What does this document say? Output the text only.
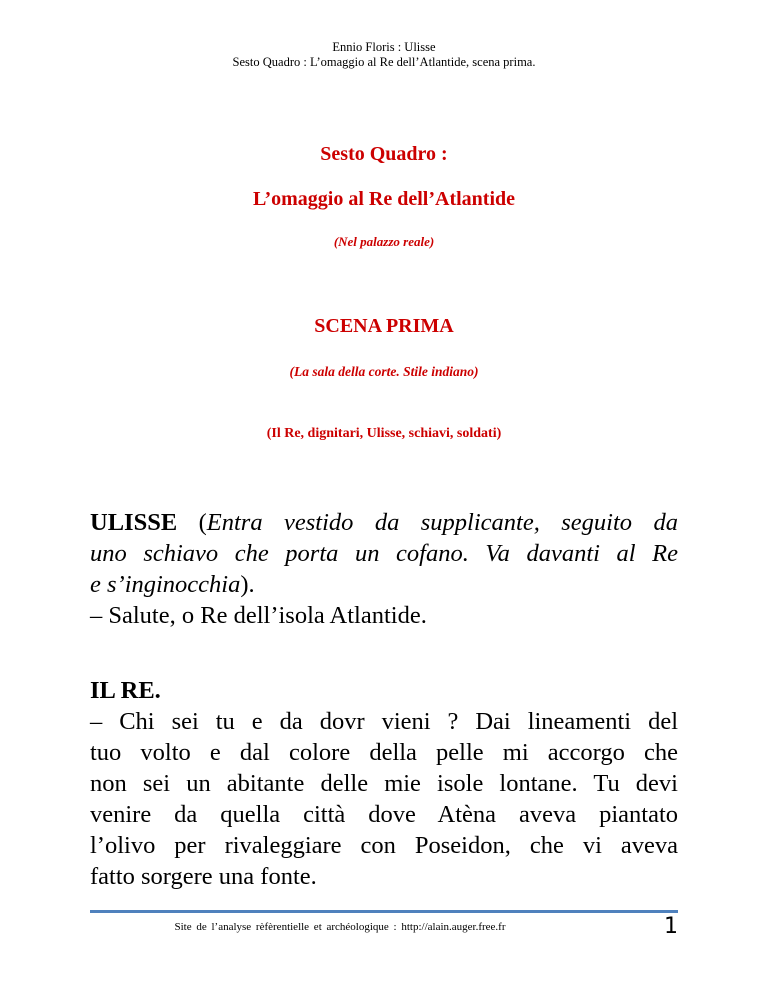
Ennio Floris : Ulisse
Sesto Quadro : L’omaggio al Re dell’Atlantide, scena prima.
Sesto Quadro :
L’omaggio al Re dell’Atlantide
(Nel palazzo reale)
SCENA PRIMA
(La sala della corte. Stile indiano)
(Il Re, dignitari, Ulisse, schiavi, soldati)
ULISSE (Entra vestido da supplicante, seguito da
uno schiavo che porta un cofano. Va davanti al Re
e s’inginocchia).
– Salute, o Re dell’isola Atlantide.
IL RE.
– Chi sei tu e da dovr vieni ? Dai lineamenti del
tuo volto e dal colore della pelle mi accorgo che
non sei un abitante delle mie isole lontane. Tu devi
venire da quella città dove Atèna aveva piantato
l’olivo per rivaleggiare con Poseidon, che vi aveva
fatto sorgere una fonte.
Site de l’analyse rèfèrentielle et archéologique : http://alain.auger.free.fr	1
